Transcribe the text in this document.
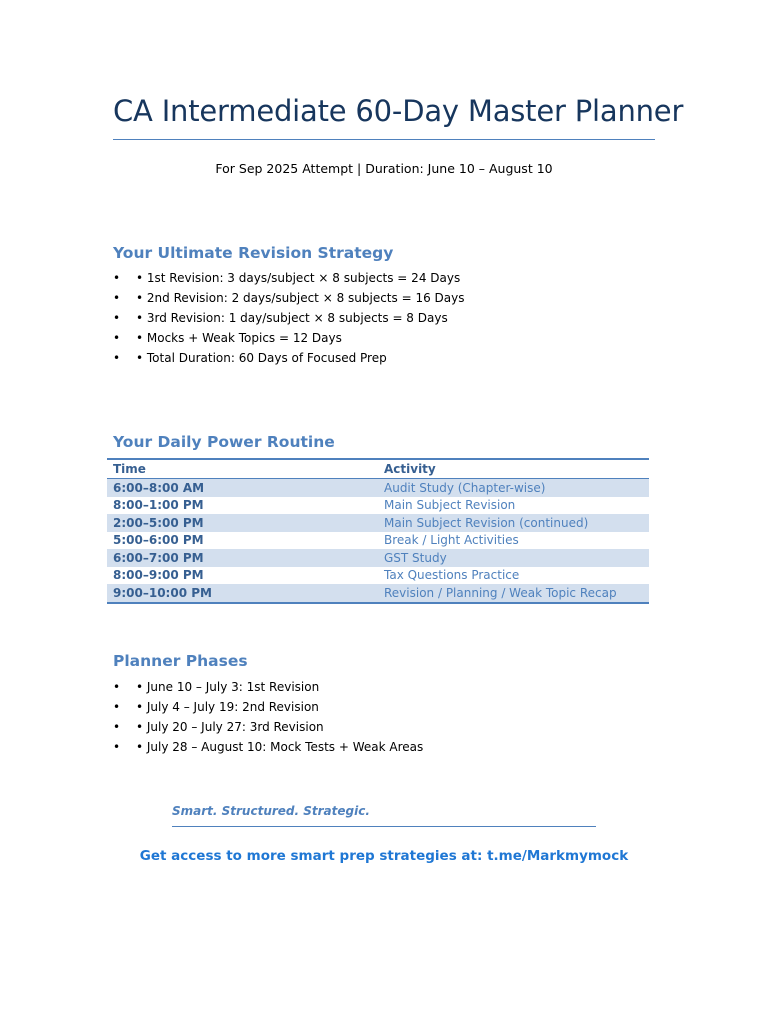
CA Intermediate 60-Day Master Planner
For Sep 2025 Attempt | Duration: June 10 – August 10
Your Ultimate Revision Strategy
• • 1st Revision: 3 days/subject × 8 subjects = 24 Days
• • 2nd Revision: 2 days/subject × 8 subjects = 16 Days
• • 3rd Revision: 1 day/subject × 8 subjects = 8 Days
• • Mocks + Weak Topics = 12 Days
• • Total Duration: 60 Days of Focused Prep
Your Daily Power Routine
Time	Activity
6:00–8:00 AM	Audit Study (Chapter-wise)
8:00–1:00 PM	Main Subject Revision
2:00–5:00 PM	Main Subject Revision (continued)
5:00–6:00 PM	Break / Light Activities
6:00–7:00 PM	GST Study
8:00–9:00 PM	Tax Questions Practice
9:00–10:00 PM	Revision / Planning / Weak Topic Recap
Planner Phases
• • June 10 – July 3: 1st Revision
• • July 4 – July 19: 2nd Revision
• • July 20 – July 27: 3rd Revision
• • July 28 – August 10: Mock Tests + Weak Areas
Smart. Structured. Strategic.
Get access to more smart prep strategies at: t.me/Markmymock
